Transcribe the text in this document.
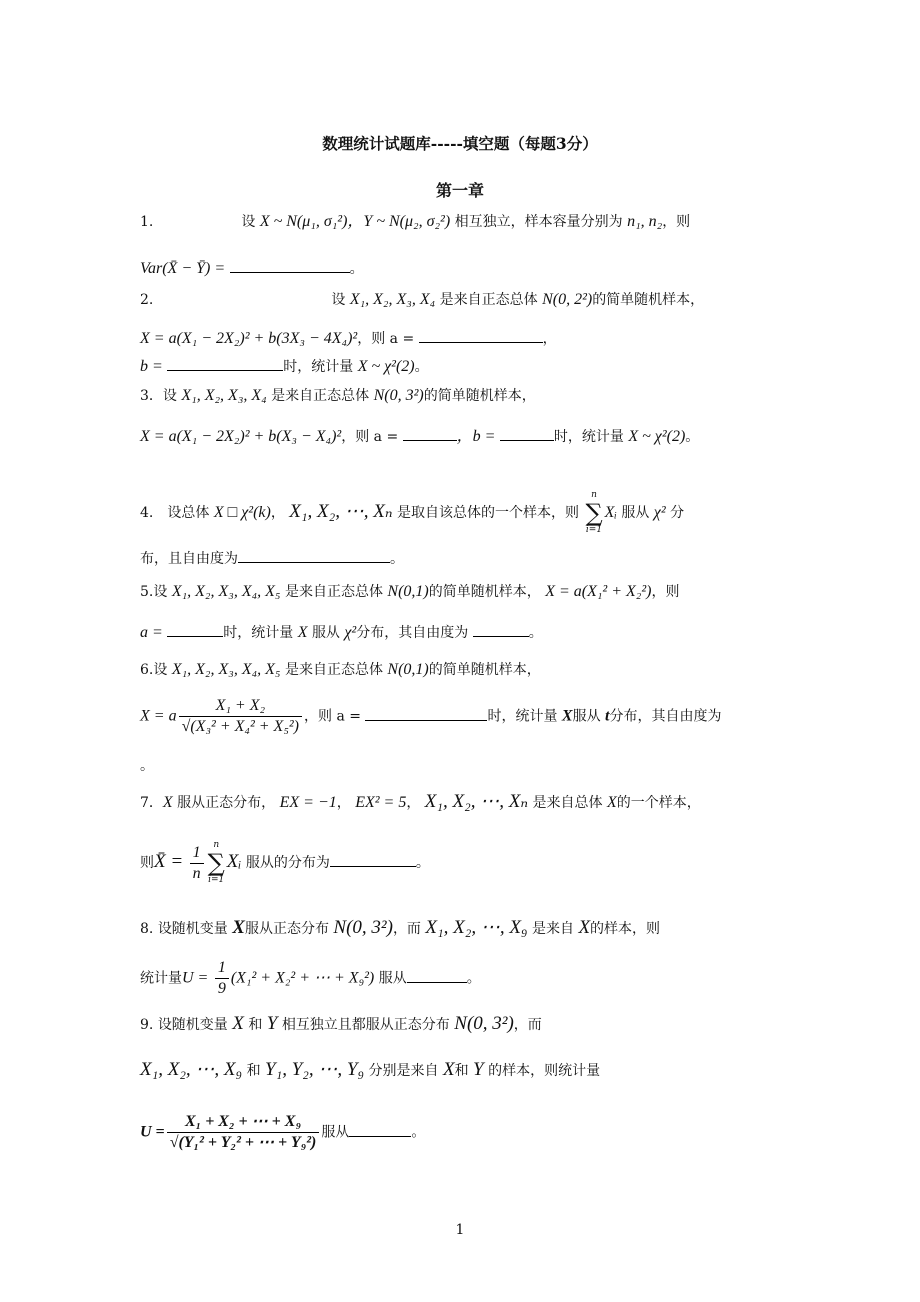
数理统计试题库-----填空题（每题3分）
第一章
1.	设 X ~ N(μ₁, σ₁²)，Y ~ N(μ₂, σ₂²) 相互独立，样本容量分别为 n₁, n₂，则
Var(X̄ − Ȳ) =	。
2.	设 X₁, X₂, X₃, X₄ 是来自正态总体 N(0, 2²)的简单随机样本，
X = a(X₁ − 2X₂)² + b(3X₃ − 4X₄)²，则 a =	，
b =	时，统计量 X ~ χ²(2)。
3．设 X₁, X₂, X₃, X₄ 是来自正态总体 N(0, 3²)的简单随机样本，
X = a(X₁ − 2X₂)² + b(X₃ − X₄)²，则 a =	，b =	时，统计量 X ~ χ²(2)。
4. 设总体 X □ χ²(k)， X₁, X₂, ⋯, Xₙ 是取自该总体的一个样本，则
n
∑
i=1
Xᵢ 服从 χ² 分
布，且自由度为	。
5.设 X₁, X₂, X₃, X₄, X₅ 是来自正态总体 N(0,1)的简单随机样本， X = a(X₁² + X₂²)，则
a =	时，统计量 X 服从 χ²分布，其自由度为	。
6.设 X₁, X₂, X₃, X₄, X₅ 是来自正态总体 N(0,1)的简单随机样本，
X = a $\frac{\text{X₁ + X₂}}{\text{√(X₃² + X₄² + X₅²)}}$ ，则 a =	时，统计量 X服从 t分布，其自由度为
。
7．X 服从正态分布， EX = −1， EX² = 5， X₁, X₂, ⋯, Xₙ 是来自总体 X的一个样本，
则X̄ = $\frac{1}{n}$	n
∑
i=1
Xᵢ 服从的分布为	。
8. 设随机变量 X服从正态分布 N(0, 3²)，而 X₁, X₂, ⋯, X₉ 是来自 X的样本，则
统计量$U = \frac{1}{9} (X_1^2 + X_2^2$ + ⋯ + X₉²) 服从	。
9. 设随机变量 X 和 Y 相互独立且都服从正态分布 N(0, 3²)，而
X₁, X₂, ⋯, X₉ 和 Y₁, Y₂, ⋯, Y₉ 分别是来自 X和 Y 的样本，则统计量
$U = \frac{\text{X₁ + X₂ + ⋯ + X₉}}{\text{√(Y₁² + Y₂² + ⋯ + Y₉²)}}$ 服从	。
1
